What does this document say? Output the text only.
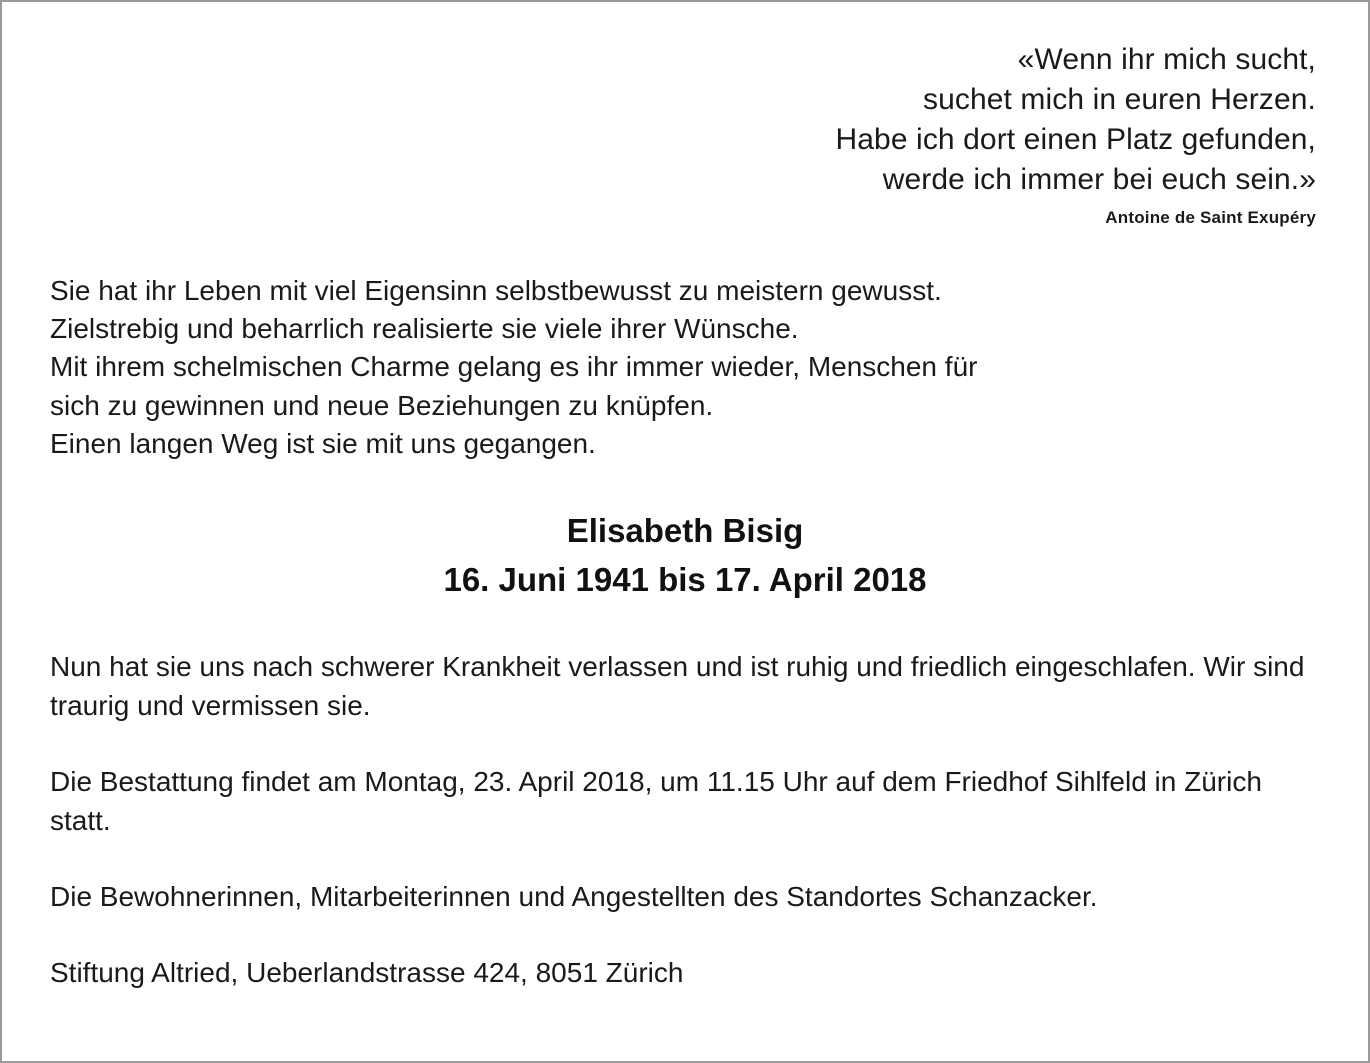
«Wenn ihr mich sucht,
suchet mich in euren Herzen.
Habe ich dort einen Platz gefunden,
werde ich immer bei euch sein.»
Antoine de Saint Exupéry
Sie hat ihr Leben mit viel Eigensinn selbstbewusst zu meistern gewusst.
Zielstrebig und beharrlich realisierte sie viele ihrer Wünsche.
Mit ihrem schelmischen Charme gelang es ihr immer wieder, Menschen für
sich zu gewinnen und neue Beziehungen zu knüpfen.
Einen langen Weg ist sie mit uns gegangen.
Elisabeth Bisig
16. Juni 1941 bis 17. April 2018

Nun hat sie uns nach schwerer Krankheit verlassen und ist ruhig und friedlich eingeschlafen. Wir sind traurig und vermissen sie.

Die Bestattung findet am Montag, 23. April 2018, um 11.15 Uhr auf dem Friedhof Sihlfeld in Zürich statt.

Die Bewohnerinnen, Mitarbeiterinnen und Angestellten des Standortes Schanzacker.

Stiftung Altried, Ueberlandstrasse 424, 8051 Zürich
